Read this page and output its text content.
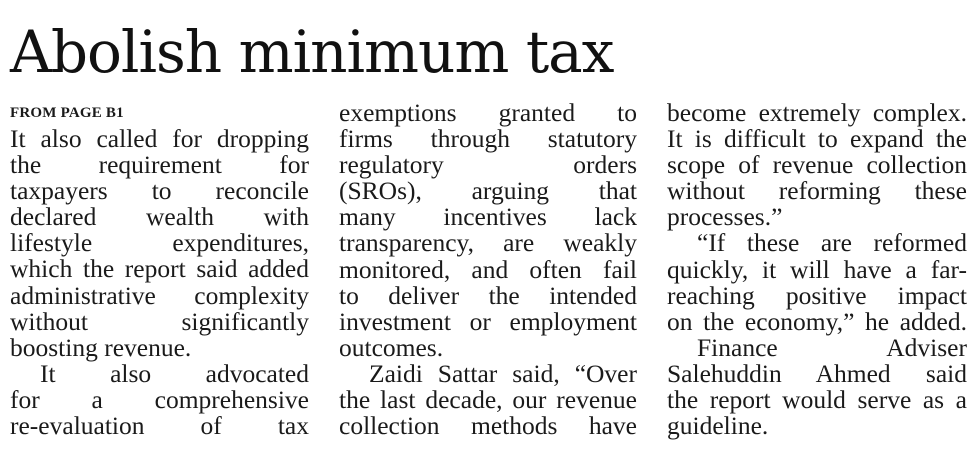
Abolish minimum tax
FROM PAGE B1
It also called for dropping
the requirement for
taxpayers to reconcile
declared wealth with
lifestyle expenditures,
which the report said added
administrative complexity
without significantly
boosting revenue.
It also advocated
for a comprehensive
re-evaluation of tax
exemptions granted to
firms through statutory
regulatory orders
(SROs), arguing that
many incentives lack
transparency, are weakly
monitored, and often fail
to deliver the intended
investment or employment
outcomes.
Zaidi Sattar said, “Over
the last decade, our revenue
collection methods have
become extremely complex.
It is difficult to expand the
scope of revenue collection
without reforming these
processes.”
“If these are reformed
quickly, it will have a far-
reaching positive impact
on the economy,” he added.
Finance Adviser
Salehuddin Ahmed said
the report would serve as a
guideline.
